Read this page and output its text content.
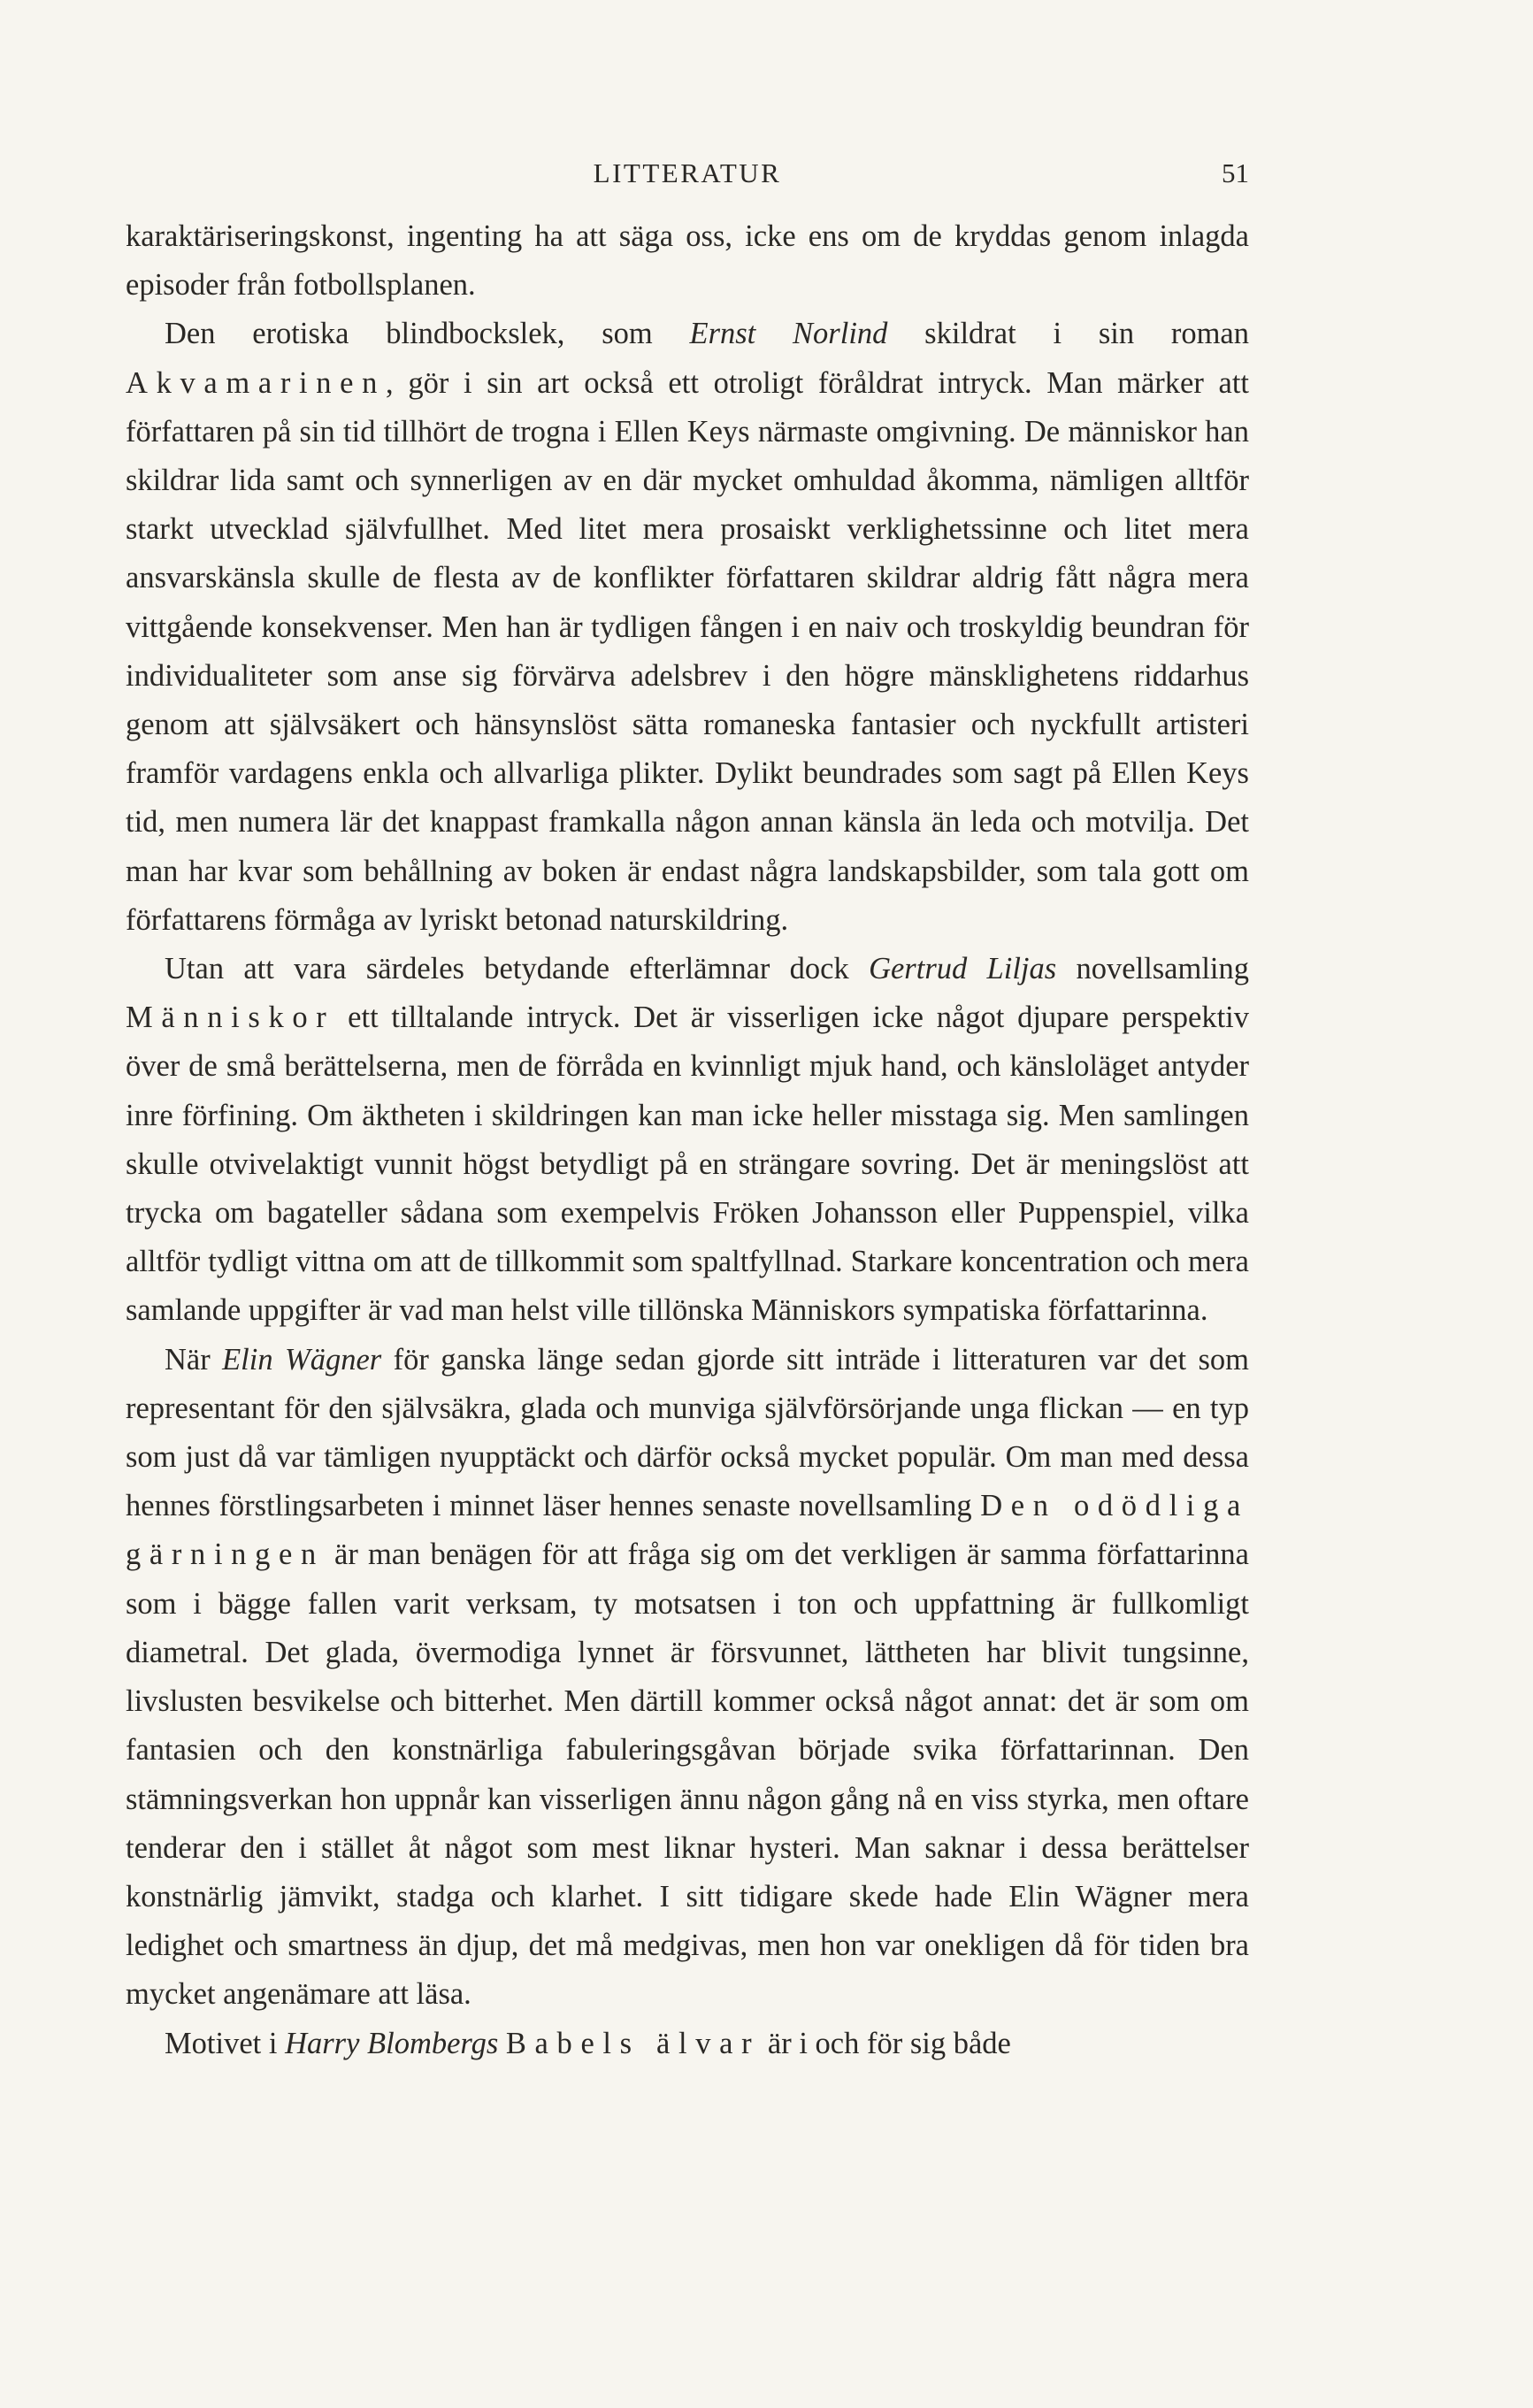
LITTERATUR	51

karaktäriseringskonst, ingenting ha att säga oss, icke ens om de kryddas genom inlagda episoder från fotbollsplanen.

Den erotiska blindbockslek, som Ernst Norlind skildrat i sin roman Akvamarinen, gör i sin art också ett otroligt föråldrat intryck. Man märker att författaren på sin tid tillhört de trogna i Ellen Keys närmaste omgivning. De människor han skildrar lida samt och synnerligen av en där mycket omhuldad åkomma, nämligen alltför starkt utvecklad självfullhet. Med litet mera prosaiskt verklighetssinne och litet mera ansvarskänsla skulle de flesta av de konflikter författaren skildrar aldrig fått några mera vittgående konsekvenser. Men han är tydligen fången i en naiv och troskyldig beundran för individualiteter som anse sig förvärva adelsbrev i den högre mänsklighetens riddarhus genom att självsäkert och hänsynslöst sätta romaneska fantasier och nyckfullt artisteri framför vardagens enkla och allvarliga plikter. Dylikt beundrades som sagt på Ellen Keys tid, men numera lär det knappast framkalla någon annan känsla än leda och motvilja. Det man har kvar som behållning av boken är endast några landskapsbilder, som tala gott om författarens förmåga av lyriskt betonad naturskildring.

Utan att vara särdeles betydande efterlämnar dock Gertrud Liljas novellsamling Människor ett tilltalande intryck. Det är visserligen icke något djupare perspektiv över de små berättelserna, men de förråda en kvinnligt mjuk hand, och känsloläget antyder inre förfining. Om äktheten i skildringen kan man icke heller misstaga sig. Men samlingen skulle otvivelaktigt vunnit högst betydligt på en strängare sovring. Det är meningslöst att trycka om bagateller sådana som exempelvis Fröken Johansson eller Puppenspiel, vilka alltför tydligt vittna om att de tillkommit som spaltfyllnad. Starkare koncentration och mera samlande uppgifter är vad man helst ville tillönska Människors sympatiska författarinna.

När Elin Wägner för ganska länge sedan gjorde sitt inträde i litteraturen var det som representant för den självsäkra, glada och munviga självförsörjande unga flickan — en typ som just då var tämligen nyupptäckt och därför också mycket populär. Om man med dessa hennes förstlingsarbeten i minnet läser hennes senaste novellsamling Den odödliga gärningen är man benägen för att fråga sig om det verkligen är samma författarinna som i bägge fallen varit verksam, ty motsatsen i ton och uppfattning är fullkomligt diametral. Det glada, övermodiga lynnet är försvunnet, lättheten har blivit tungsinne, livslusten besvikelse och bitterhet. Men därtill kommer också något annat: det är som om fantasien och den konstnärliga fabuleringsgåvan började svika författarinnan. Den stämningsverkan hon uppnår kan visserligen ännu någon gång nå en viss styrka, men oftare tenderar den i stället åt något som mest liknar hysteri. Man saknar i dessa berättelser konstnärlig jämvikt, stadga och klarhet. I sitt tidigare skede hade Elin Wägner mera ledighet och smartness än djup, det må medgivas, men hon var onekligen då för tiden bra mycket angenämare att läsa.

Motivet i Harry Blombergs Babels älvar är i och för sig både
